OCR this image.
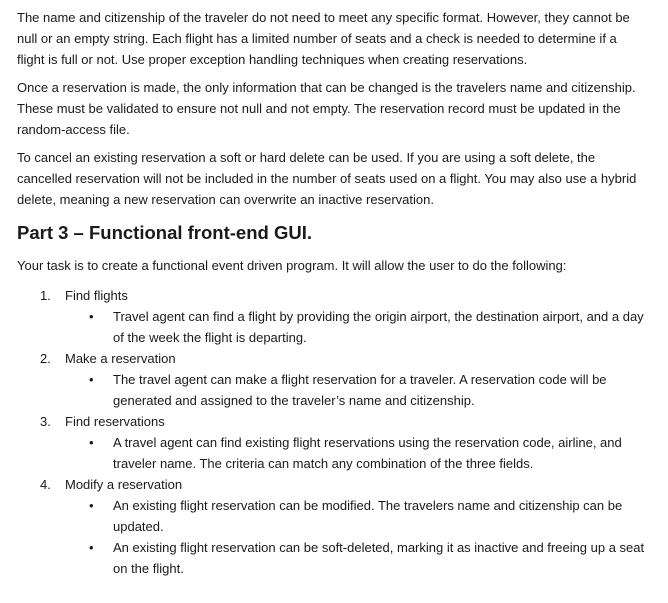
The name and citizenship of the traveler do not need to meet any specific format. However, they cannot be null or an empty string. Each flight has a limited number of seats and a check is needed to determine if a flight is full or not. Use proper exception handling techniques when creating reservations.

Once a reservation is made, the only information that can be changed is the travelers name and citizenship. These must be validated to ensure not null and not empty. The reservation record must be updated in the random-access file.

To cancel an existing reservation a soft or hard delete can be used. If you are using a soft delete, the cancelled reservation will not be included in the number of seats used on a flight. You may also use a hybrid delete, meaning a new reservation can overwrite an inactive reservation.

Part 3 – Functional front-end GUI.

Your task is to create a functional event driven program. It will allow the user to do the following:

1. Find flights
• Travel agent can find a flight by providing the origin airport, the destination airport, and a day of the week the flight is departing.
2. Make a reservation
• The travel agent can make a flight reservation for a traveler. A reservation code will be generated and assigned to the traveler’s name and citizenship.
3. Find reservations
• A travel agent can find existing flight reservations using the reservation code, airline, and traveler name. The criteria can match any combination of the three fields.
4. Modify a reservation
• An existing flight reservation can be modified. The travelers name and citizenship can be updated.
• An existing flight reservation can be soft-deleted, marking it as inactive and freeing up a seat on the flight.
